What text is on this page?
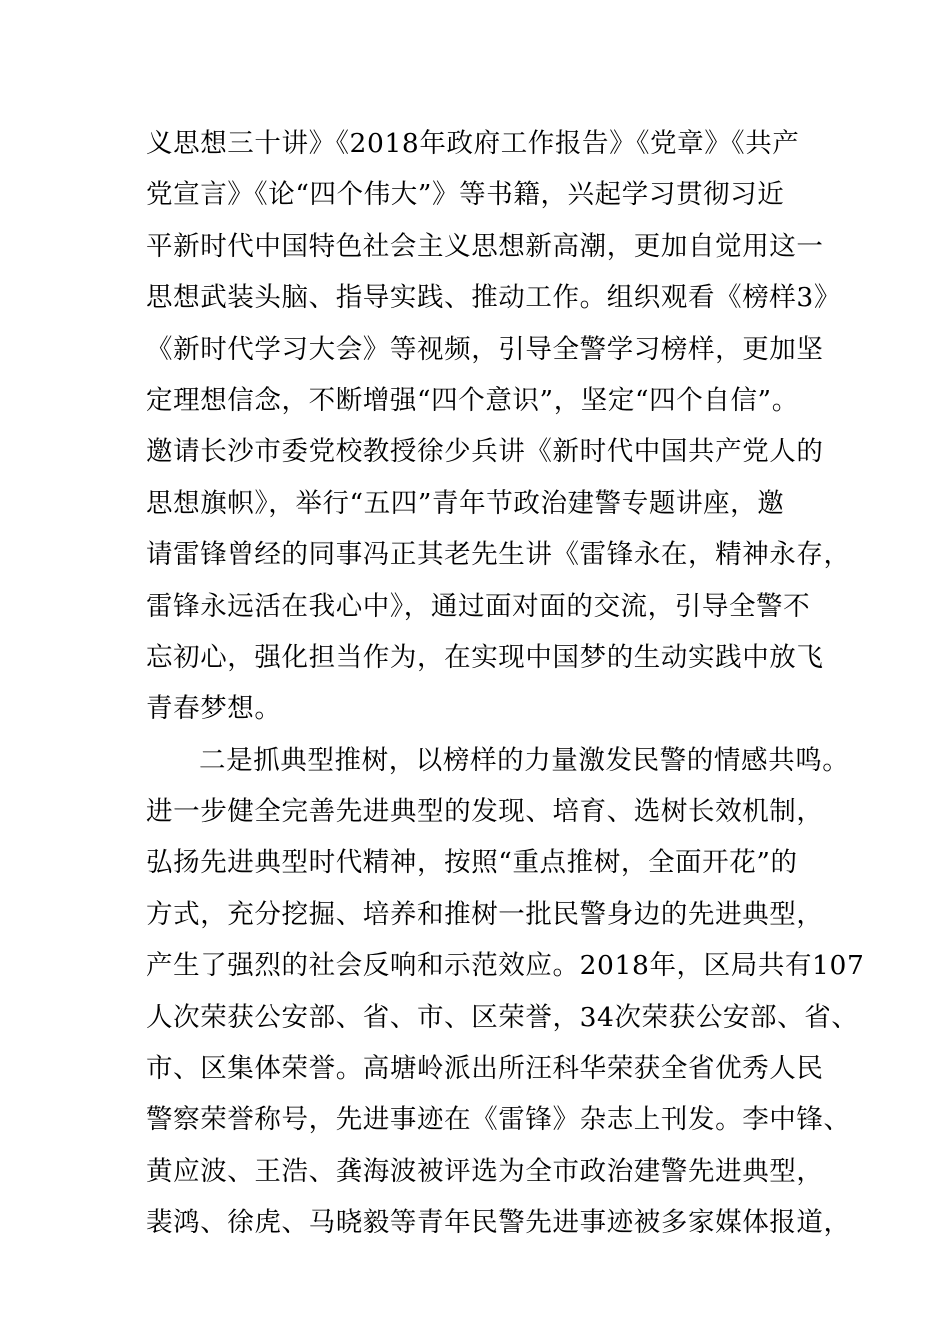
义思想三十讲》《2018年政府工作报告》《党章》《共产
党宣言》《论“四个伟大”》等书籍，兴起学习贯彻习近
平新时代中国特色社会主义思想新高潮，更加自觉用这一
思想武装头脑、指导实践、推动工作。组织观看《榜样3》
《新时代学习大会》等视频，引导全警学习榜样，更加坚
定理想信念，不断增强“四个意识”，坚定“四个自信”。
邀请长沙市委党校教授徐少兵讲《新时代中国共产党人的
思想旗帜》，举行“五四”青年节政治建警专题讲座，邀
请雷锋曾经的同事冯正其老先生讲《雷锋永在，精神永存，
雷锋永远活在我心中》，通过面对面的交流，引导全警不
忘初心，强化担当作为，在实现中国梦的生动实践中放飞
青春梦想。
二是抓典型推树，以榜样的力量激发民警的情感共鸣。
进一步健全完善先进典型的发现、培育、选树长效机制，
弘扬先进典型时代精神，按照“重点推树，全面开花”的
方式，充分挖掘、培养和推树一批民警身边的先进典型，
产生了强烈的社会反响和示范效应。2018年，区局共有107
人次荣获公安部、省、市、区荣誉，34次荣获公安部、省、
市、区集体荣誉。高塘岭派出所汪科华荣获全省优秀人民
警察荣誉称号，先进事迹在《雷锋》杂志上刊发。李中锋、
黄应波、王浩、龚海波被评选为全市政治建警先进典型，
裴鸿、徐虎、马晓毅等青年民警先进事迹被多家媒体报道，
